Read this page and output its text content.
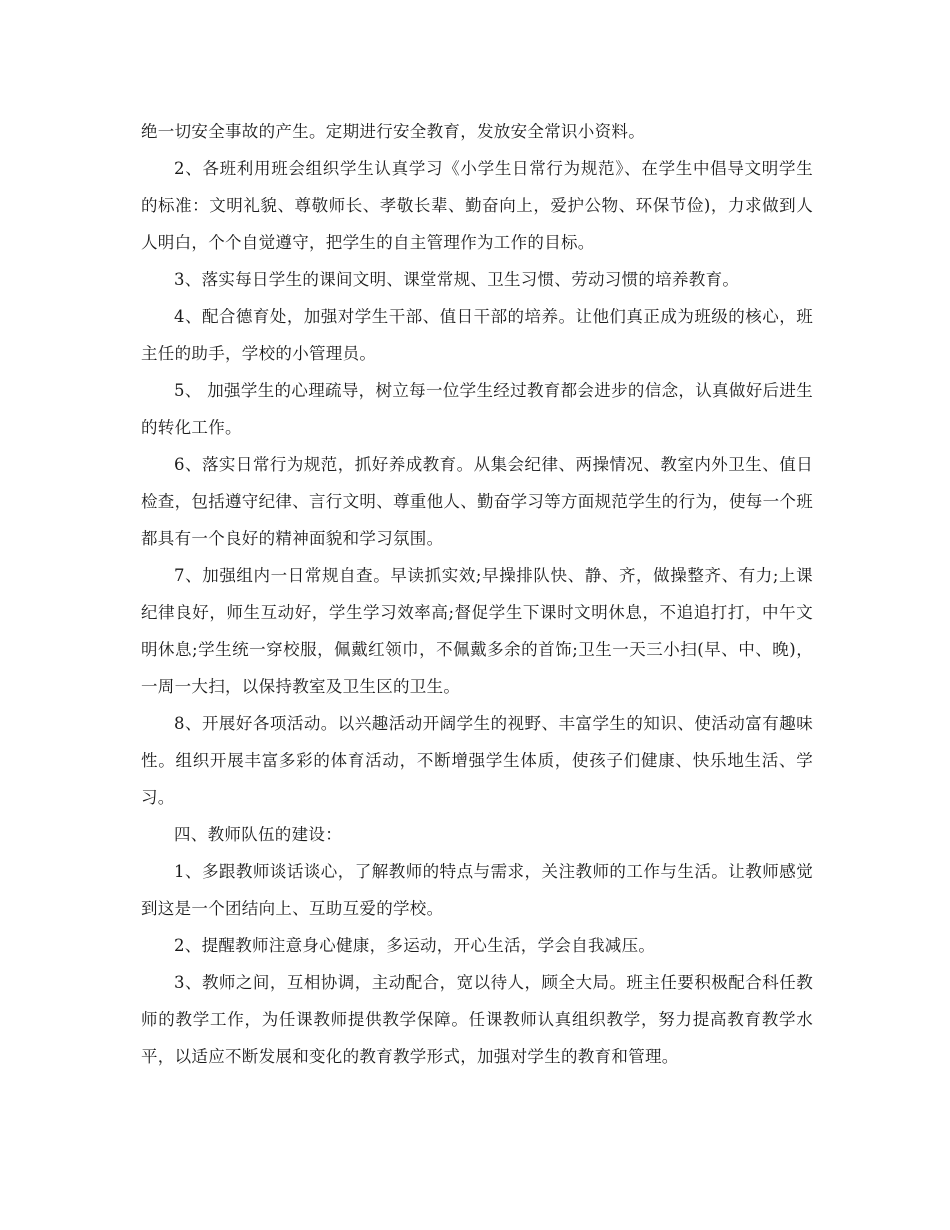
绝一切安全事故的产生。定期进行安全教育，发放安全常识小资料。

2、各班利用班会组织学生认真学习《小学生日常行为规范》、在学生中倡导文明学生的标准：文明礼貌、尊敬师长、孝敬长辈、勤奋向上，爱护公物、环保节俭)，力求做到人人明白，个个自觉遵守，把学生的自主管理作为工作的目标。

3、落实每日学生的课间文明、课堂常规、卫生习惯、劳动习惯的培养教育。

4、配合德育处，加强对学生干部、值日干部的培养。让他们真正成为班级的核心，班主任的助手，学校的小管理员。

5、 加强学生的心理疏导，树立每一位学生经过教育都会进步的信念，认真做好后进生的转化工作。

6、落实日常行为规范，抓好养成教育。从集会纪律、两操情况、教室内外卫生、值日检查，包括遵守纪律、言行文明、尊重他人、勤奋学习等方面规范学生的行为，使每一个班都具有一个良好的精神面貌和学习氛围。

7、加强组内一日常规自查。早读抓实效;早操排队快、静、齐，做操整齐、有力;上课纪律良好，师生互动好，学生学习效率高;督促学生下课时文明休息，不追追打打，中午文明休息;学生统一穿校服，佩戴红领巾，不佩戴多余的首饰;卫生一天三小扫(早、中、晚)，一周一大扫，以保持教室及卫生区的卫生。

8、开展好各项活动。以兴趣活动开阔学生的视野、丰富学生的知识、使活动富有趣味性。组织开展丰富多彩的体育活动，不断增强学生体质，使孩子们健康、快乐地生活、学习。

四、教师队伍的建设：

1、多跟教师谈话谈心，了解教师的特点与需求，关注教师的工作与生活。让教师感觉到这是一个团结向上、互助互爱的学校。

2、提醒教师注意身心健康，多运动，开心生活，学会自我减压。

3、教师之间，互相协调，主动配合，宽以待人，顾全大局。班主任要积极配合科任教师的教学工作，为任课教师提供教学保障。任课教师认真组织教学，努力提高教育教学水平，以适应不断发展和变化的教育教学形式，加强对学生的教育和管理。
